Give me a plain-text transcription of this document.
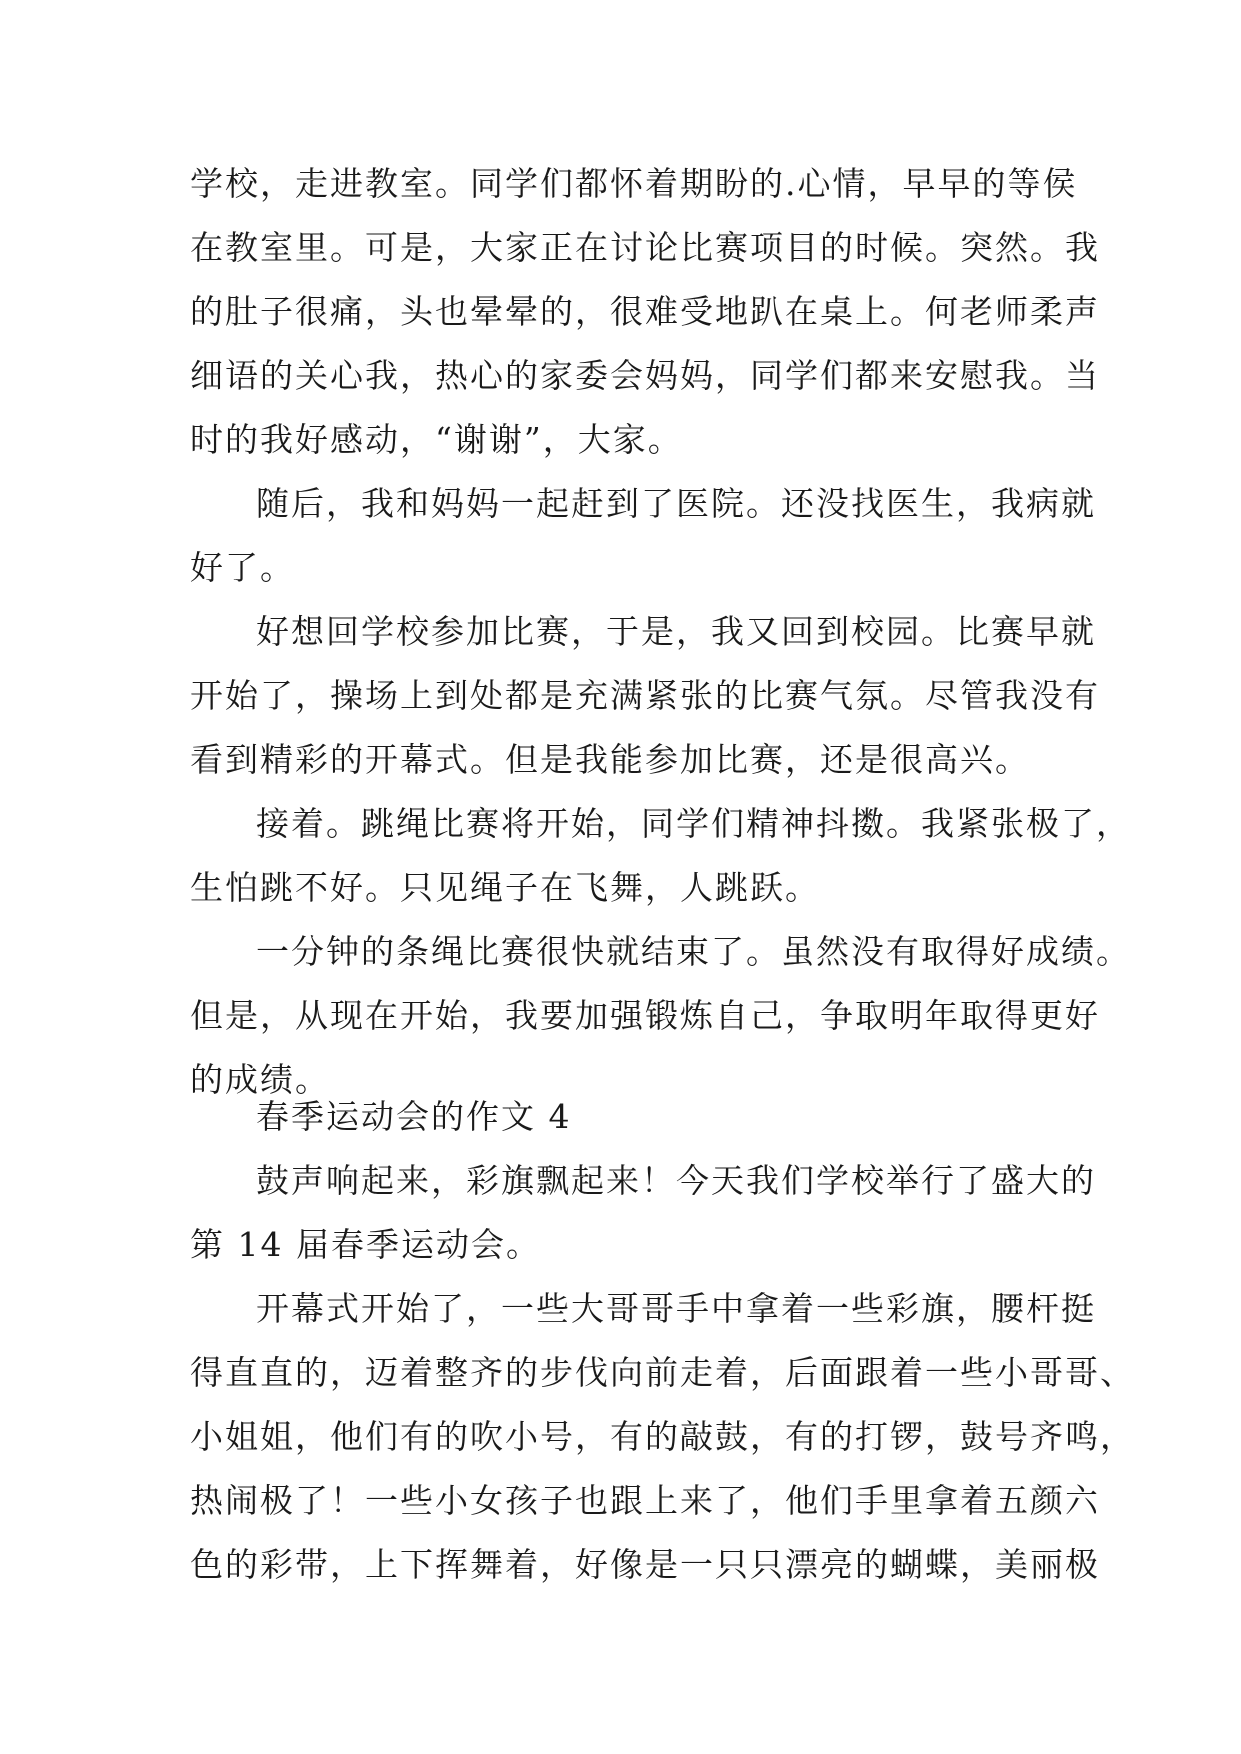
学校，走进教室。同学们都怀着期盼的.心情，早早的等侯
在教室里。可是，大家正在讨论比赛项目的时候。突然。我
的肚子很痛，头也晕晕的，很难受地趴在桌上。何老师柔声
细语的关心我，热心的家委会妈妈，同学们都来安慰我。当
时的我好感动，“谢谢”，大家。

随后，我和妈妈一起赶到了医院。还没找医生，我病就
好了。

好想回学校参加比赛，于是，我又回到校园。比赛早就
开始了，操场上到处都是充满紧张的比赛气氛。尽管我没有
看到精彩的开幕式。但是我能参加比赛，还是很高兴。

接着。跳绳比赛将开始，同学们精神抖擞。我紧张极了，
生怕跳不好。只见绳子在飞舞，人跳跃。

一分钟的条绳比赛很快就结束了。虽然没有取得好成绩。
但是，从现在开始，我要加强锻炼自己，争取明年取得更好
的成绩。

春季运动会的作文 4

鼓声响起来，彩旗飘起来！今天我们学校举行了盛大的
第 14 届春季运动会。

开幕式开始了，一些大哥哥手中拿着一些彩旗，腰杆挺
得直直的，迈着整齐的步伐向前走着，后面跟着一些小哥哥、
小姐姐，他们有的吹小号，有的敲鼓，有的打锣，鼓号齐鸣，
热闹极了！一些小女孩子也跟上来了，他们手里拿着五颜六
色的彩带，上下挥舞着，好像是一只只漂亮的蝴蝶，美丽极
